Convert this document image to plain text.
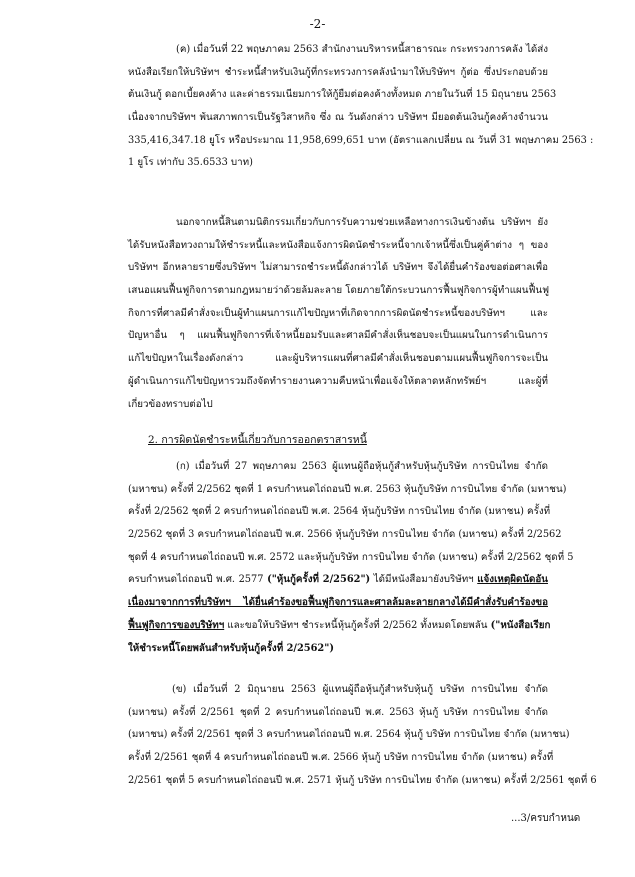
-2-
(ค) เมื่อวันที่ 22 พฤษภาคม 2563 สำนักงานบริหารหนี้สาธารณะ กระทรวงการคลัง ได้ส่ง
หนังสือเรียกให้บริษัทฯ ชำระหนี้สำหรับเงินกู้ที่กระทรวงการคลังนำมาให้บริษัทฯ กู้ต่อ ซึ่งประกอบด้วย
ต้นเงินกู้ ดอกเบี้ยคงค้าง และค่าธรรมเนียมการให้กู้ยืมต่อคงค้างทั้งหมด ภายในวันที่ 15 มิถุนายน 2563
เนื่องจากบริษัทฯ พ้นสภาพการเป็นรัฐวิสาหกิจ ซึ่ง ณ วันดังกล่าว บริษัทฯ มียอดต้นเงินกู้คงค้างจำนวน
335,416,347.18 ยูโร หรือประมาณ 11,958,699,651 บาท (อัตราแลกเปลี่ยน ณ วันที่ 31 พฤษภาคม 2563 :
1 ยูโร เท่ากับ 35.6533 บาท)
นอกจากหนี้สินตามนิติกรรมเกี่ยวกับการรับความช่วยเหลือทางการเงินข้างต้น บริษัทฯ ยัง
ได้รับหนังสือทวงถามให้ชำระหนี้และหนังสือแจ้งการผิดนัดชำระหนี้จากเจ้าหนี้ซึ่งเป็นคู่ค้าต่าง ๆ ของ
บริษัทฯ อีกหลายรายซึ่งบริษัทฯ ไม่สามารถชำระหนี้ดังกล่าวได้ บริษัทฯ จึงได้ยื่นคำร้องขอต่อศาลเพื่อ
เสนอแผนฟื้นฟูกิจการตามกฎหมายว่าด้วยล้มละลาย โดยภายใต้กระบวนการฟื้นฟูกิจการผู้ทำแผนฟื้นฟู
กิจการที่ศาลมีคำสั่งจะเป็นผู้ทำแผนการแก้ไขปัญหาที่เกิดจากการผิดนัดชำระหนี้ของบริษัทฯ และ
ปัญหาอื่น ๆ แผนฟื้นฟูกิจการที่เจ้าหนี้ยอมรับและศาลมีคำสั่งเห็นชอบจะเป็นแผนในการดำเนินการ
แก้ไขปัญหาในเรื่องดังกล่าว และผู้บริหารแผนที่ศาลมีคำสั่งเห็นชอบตามแผนฟื้นฟูกิจการจะเป็น
ผู้ดำเนินการแก้ไขปัญหารวมถึงจัดทำรายงานความคืบหน้าเพื่อแจ้งให้ตลาดหลักทรัพย์ฯ และผู้ที่
เกี่ยวข้องทราบต่อไป
2. การผิดนัดชำระหนี้เกี่ยวกับการออกตราสารหนี้
(ก) เมื่อวันที่ 27 พฤษภาคม 2563 ผู้แทนผู้ถือหุ้นกู้สำหรับหุ้นกู้บริษัท การบินไทย จำกัด
(มหาชน) ครั้งที่ 2/2562 ชุดที่ 1 ครบกำหนดไถ่ถอนปี พ.ศ. 2563 หุ้นกู้บริษัท การบินไทย จำกัด (มหาชน)
ครั้งที่ 2/2562 ชุดที่ 2 ครบกำหนดไถ่ถอนปี พ.ศ. 2564 หุ้นกู้บริษัท การบินไทย จำกัด (มหาชน) ครั้งที่
2/2562 ชุดที่ 3 ครบกำหนดไถ่ถอนปี พ.ศ. 2566 หุ้นกู้บริษัท การบินไทย จำกัด (มหาชน) ครั้งที่ 2/2562
ชุดที่ 4 ครบกำหนดไถ่ถอนปี พ.ศ. 2572 และหุ้นกู้บริษัท การบินไทย จำกัด (มหาชน) ครั้งที่ 2/2562 ชุดที่ 5
ครบกำหนดไถ่ถอนปี พ.ศ. 2577 ("หุ้นกู้ครั้งที่ 2/2562") ได้มีหนังสือมายังบริษัทฯ แจ้งเหตุผิดนัดอัน
เนื่องมาจากการที่บริษัทฯ ได้ยื่นคำร้องขอฟื้นฟูกิจการและศาลล้มละลายกลางได้มีคำสั่งรับคำร้องขอ
ฟื้นฟูกิจการของบริษัทฯ และขอให้บริษัทฯ ชำระหนี้หุ้นกู้ครั้งที่ 2/2562 ทั้งหมดโดยพลัน ("หนังสือเรียก
ให้ชำระหนี้โดยพลันสำหรับหุ้นกู้ครั้งที่ 2/2562")
(ข) เมื่อวันที่ 2 มิถุนายน 2563 ผู้แทนผู้ถือหุ้นกู้สำหรับหุ้นกู้ บริษัท การบินไทย จำกัด
(มหาชน) ครั้งที่ 2/2561 ชุดที่ 2 ครบกำหนดไถ่ถอนปี พ.ศ. 2563 หุ้นกู้ บริษัท การบินไทย จำกัด
(มหาชน) ครั้งที่ 2/2561 ชุดที่ 3 ครบกำหนดไถ่ถอนปี พ.ศ. 2564 หุ้นกู้ บริษัท การบินไทย จำกัด (มหาชน)
ครั้งที่ 2/2561 ชุดที่ 4 ครบกำหนดไถ่ถอนปี พ.ศ. 2566 หุ้นกู้ บริษัท การบินไทย จำกัด (มหาชน) ครั้งที่
2/2561 ชุดที่ 5 ครบกำหนดไถ่ถอนปี พ.ศ. 2571 หุ้นกู้ บริษัท การบินไทย จำกัด (มหาชน) ครั้งที่ 2/2561 ชุดที่ 6
...3/ครบกำหนด
